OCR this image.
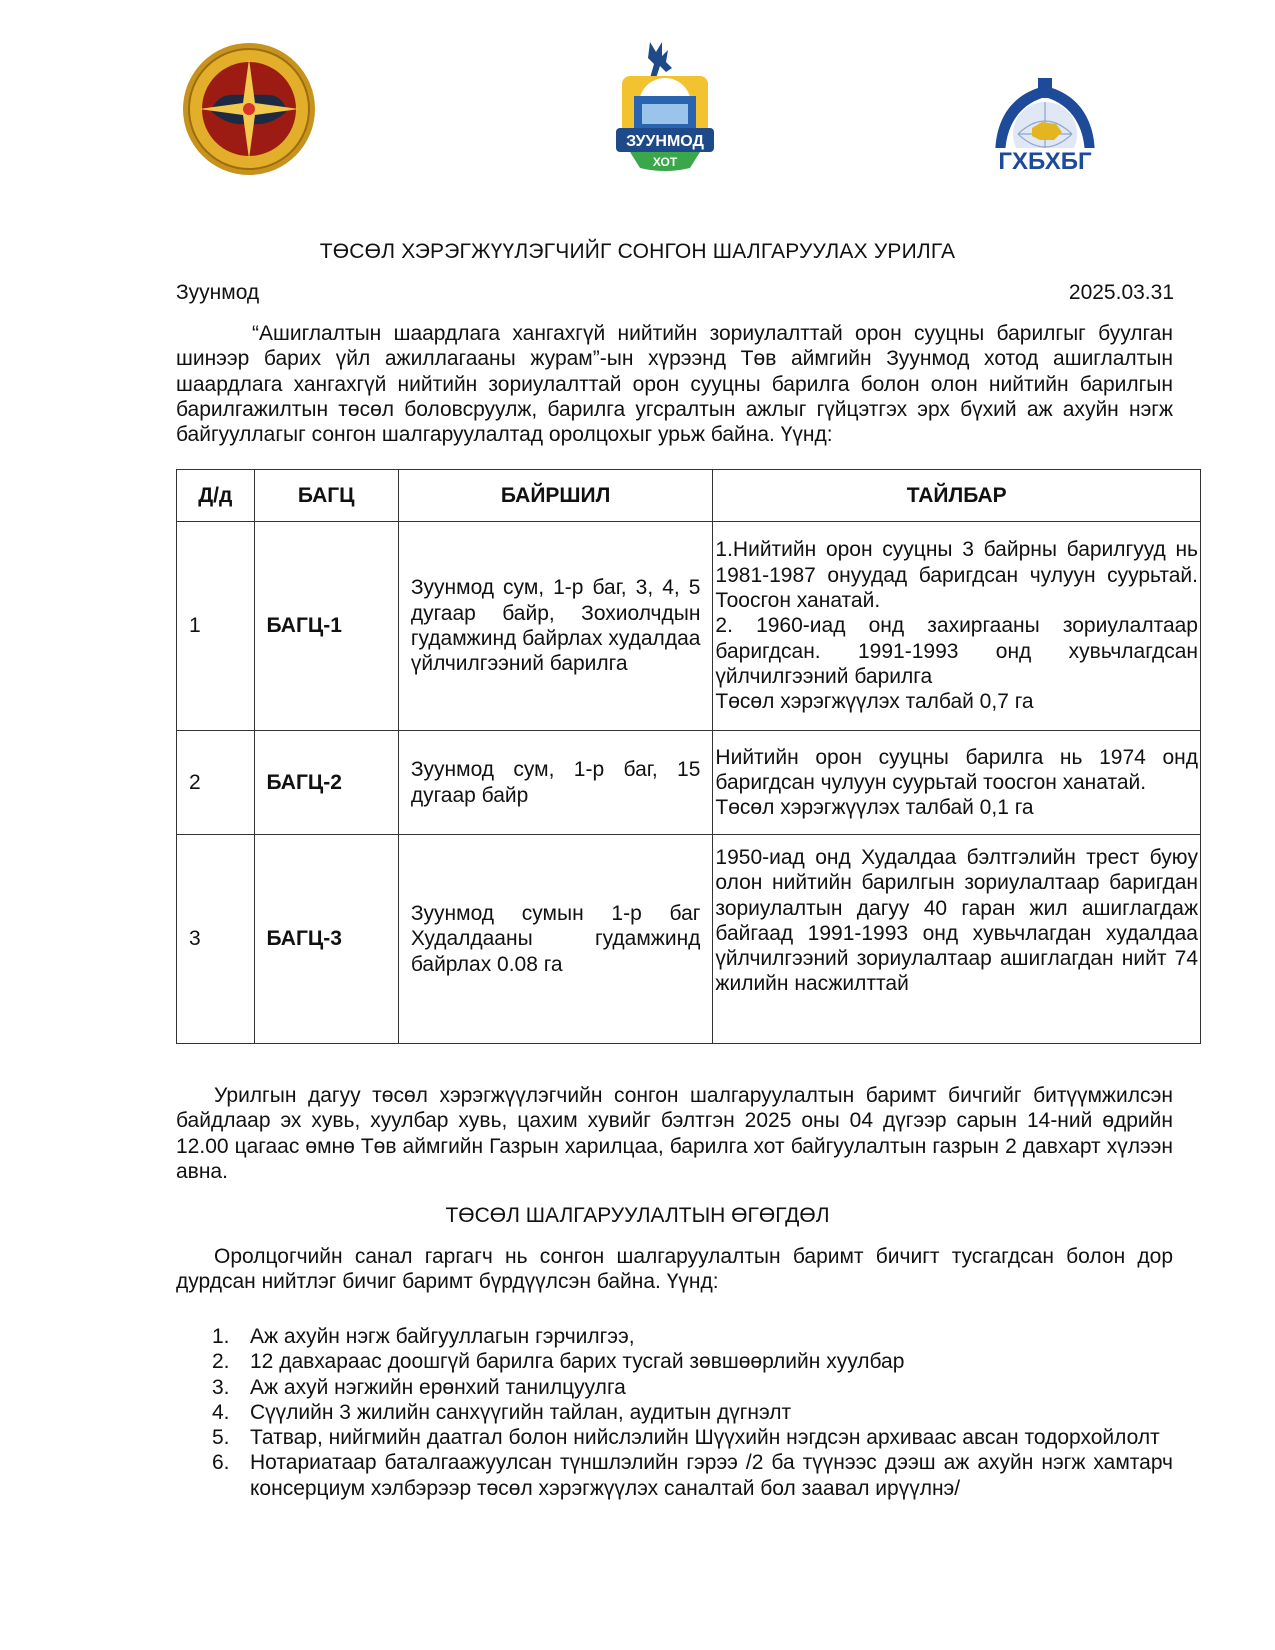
ЗУУНМОД
ХОТ	ГХБХБГ
ТӨСӨЛ ХЭРЭГЖҮҮЛЭГЧИЙГ СОНГОН ШАЛГАРУУЛАХ УРИЛГА
Зуунмод	2025.03.31

“Ашиглалтын шаардлага хангахгүй нийтийн зориулалттай орон сууцны барилгыг буулган шинээр барих үйл ажиллагааны журам”-ын хүрээнд Төв аймгийн Зуунмод хотод ашиглалтын шаардлага хангахгүй нийтийн зориулалттай орон сууцны барилга болон олон нийтийн барилгын барилгажилтын төсөл боловсруулж, барилга угсралтын ажлыг гүйцэтгэх эрх бүхий аж ахуйн нэгж байгууллагыг сонгон шалгаруулалтад оролцохыг урьж байна. Үүнд:

Д/д	БАГЦ	БАЙРШИЛ	ТАЙЛБАР
1	БАГЦ-1	Зуунмод сум, 1-р баг, 3, 4, 5 дугаар байр, Зохиолчдын гудамжинд байрлах худалдаа үйлчилгээний барилга	1.Нийтийн орон сууцны 3 байрны барилгууд нь 1981-1987 онуудад баригдсан чулуун суурьтай. Тоосгон ханатай.
2. 1960-иад онд захиргааны зориулалтаар баригдсан. 1991-1993 онд хувьчлагдсан үйлчилгээний барилга
Төсөл хэрэгжүүлэх талбай 0,7 га

2	БАГЦ-2	Зуунмод сум, 1-р баг, 15 дугаар байр	Нийтийн орон сууцны барилга нь 1974 онд баригдсан чулуун суурьтай тоосгон ханатай.
Төсөл хэрэгжүүлэх талбай 0,1 га

3	БАГЦ-3	Зуунмод сумын 1-р баг Худалдааны гудамжинд байрлах 0.08 га	1950-иад онд Худалдаа бэлтгэлийн трест буюу олон нийтийн барилгын зориулалтаар баригдан зориулалтын дагуу 40 гаран жил ашиглагдаж байгаад 1991-1993 онд хувьчлагдан худалдаа үйлчилгээний зориулалтаар ашиглагдан нийт 74 жилийн насжилттай

Урилгын дагуу төсөл хэрэгжүүлэгчийн сонгон шалгаруулалтын баримт бичгийг битүүмжилсэн байдлаар эх хувь, хуулбар хувь, цахим хувийг бэлтгэн 2025 оны 04 дүгээр сарын 14-ний өдрийн 12.00 цагаас өмнө Төв аймгийн Газрын харилцаа, барилга хот байгуулалтын газрын 2 давхарт хүлээн авна.

ТӨСӨЛ ШАЛГАРУУЛАЛТЫН ӨГӨГДӨЛ

Оролцогчийн санал гаргагч нь сонгон шалгаруулалтын баримт бичигт тусгагдсан болон дор дурдсан нийтлэг бичиг баримт бүрдүүлсэн байна. Үүнд:

1. Аж ахуйн нэгж байгууллагын гэрчилгээ,
2. 12 давхараас доошгүй барилга барих тусгай зөвшөөрлийн хуулбар
3. Аж ахуй нэгжийн ерөнхий танилцуулга
4. Сүүлийн 3 жилийн санхүүгийн тайлан, аудитын дүгнэлт
5. Татвар, нийгмийн даатгал болон нийслэлийн Шүүхийн нэгдсэн архиваас авсан тодорхойлолт
6. Нотариатаар баталгаажуулсан түншлэлийн гэрээ /2 ба түүнээс дээш аж ахуйн нэгж хамтарч консерциум хэлбэрээр төсөл хэрэгжүүлэх саналтай бол заавал ирүүлнэ/
